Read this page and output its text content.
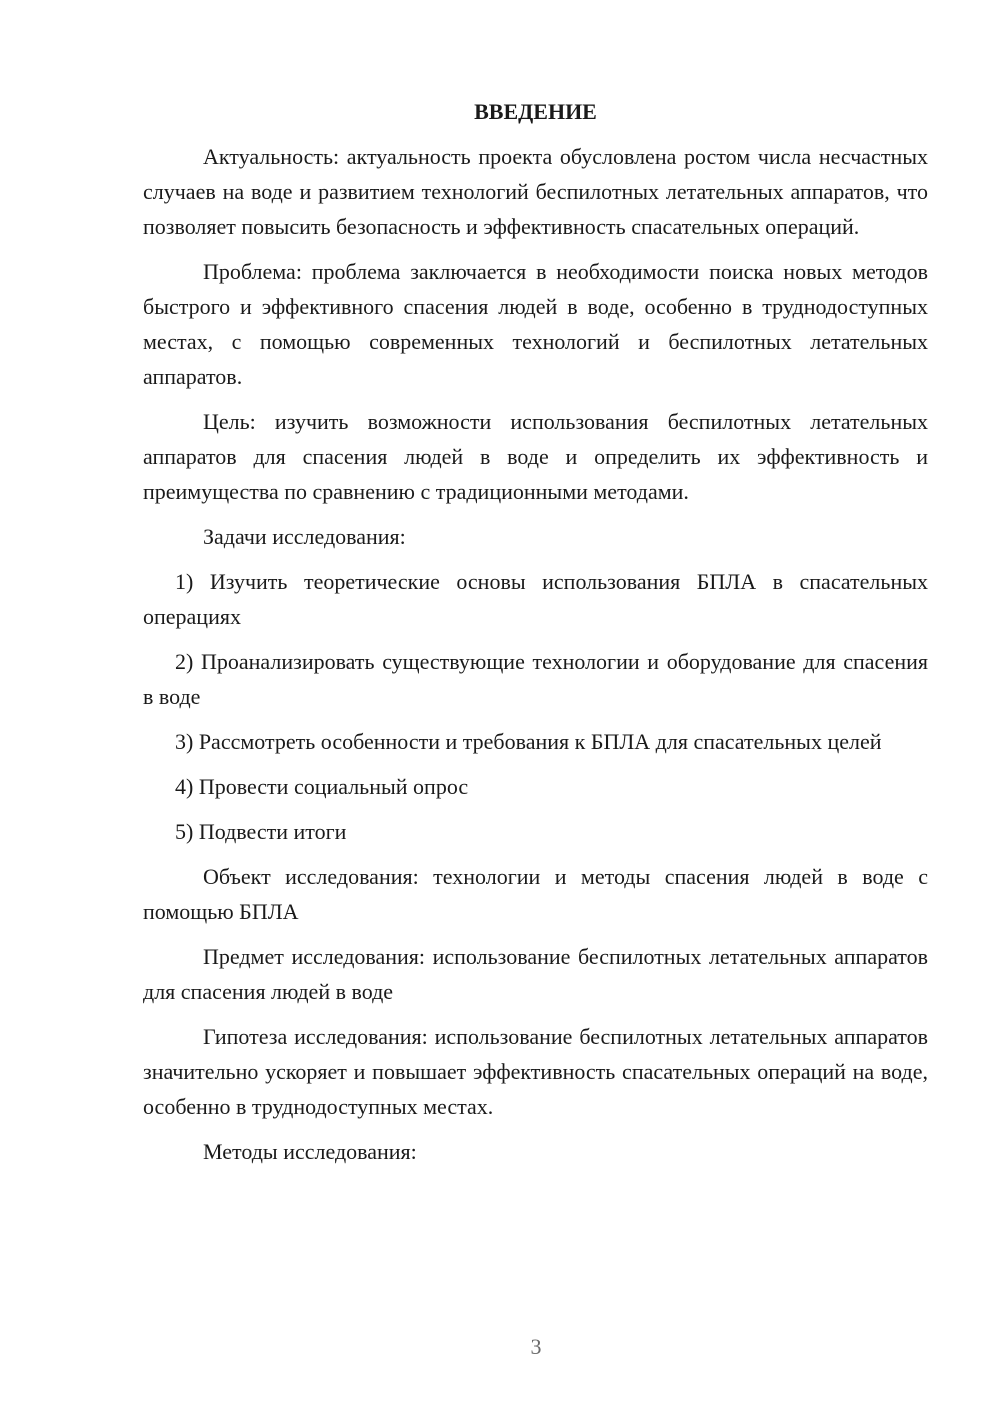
ВВЕДЕНИЕ
Актуальность: актуальность проекта обусловлена ростом числа несчастных случаев на воде и развитием технологий беспилотных летательных аппаратов, что позволяет повысить безопасность и эффективность спасательных операций.
Проблема: проблема заключается в необходимости поиска новых методов быстрого и эффективного спасения людей в воде, особенно в труднодоступных местах, с помощью современных технологий и беспилотных летательных аппаратов.
Цель: изучить возможности использования беспилотных летательных аппаратов для спасения людей в воде и определить их эффективность и преимущества по сравнению с традиционными методами.
Задачи исследования:
1) Изучить теоретические основы использования БПЛА в спасательных операциях
2) Проанализировать существующие технологии и оборудование для спасения в воде
3) Рассмотреть особенности и требования к БПЛА для спасательных целей
4) Провести социальный опрос
5) Подвести итоги
Объект исследования: технологии и методы спасения людей в воде с помощью БПЛА
Предмет исследования: использование беспилотных летательных аппаратов для спасения людей в воде
Гипотеза исследования: использование беспилотных летательных аппаратов значительно ускоряет и повышает эффективность спасательных операций на воде, особенно в труднодоступных местах.
Методы исследования:
3
